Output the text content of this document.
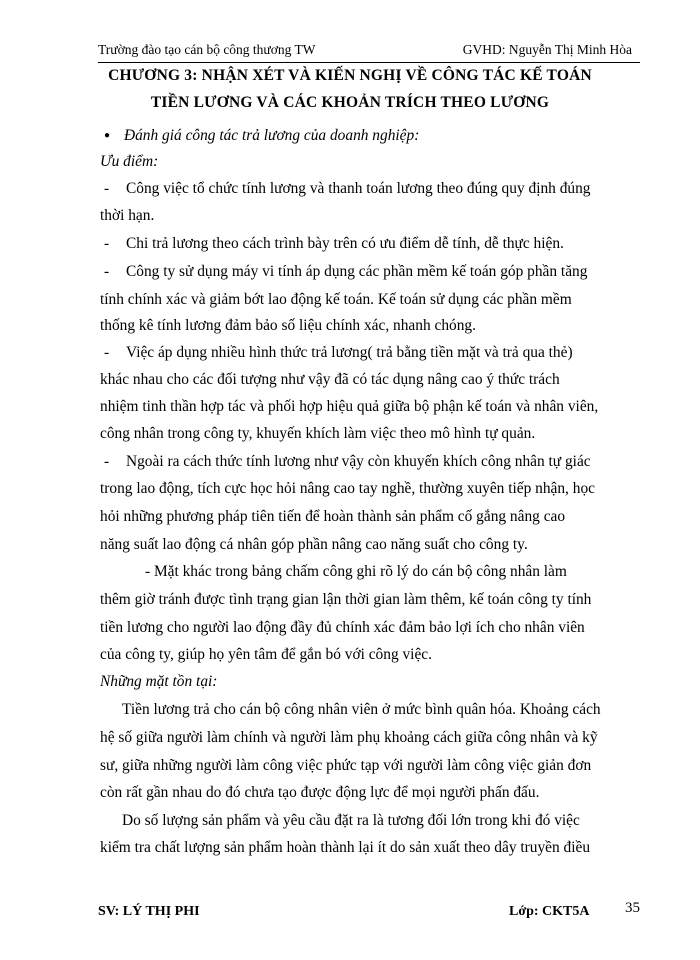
Trường đào tạo cán bộ công thương TW	GVHD: Nguyễn Thị Minh Hòa
CHƯƠNG 3: NHẬN XÉT VÀ KIẾN NGHỊ VỀ CÔNG TÁC KẾ TOÁN
TIỀN LƯƠNG VÀ CÁC KHOẢN TRÍCH THEO LƯƠNG
● Đánh giá công tác trả lương của doanh nghiệp:
Ưu điểm:
- Công việc tổ chức tính lương và thanh toán lương theo đúng quy định đúng
thời hạn.
- Chi trả lương theo cách trình bày trên có ưu điểm dễ tính, dễ thực hiện.
- Công ty sử dụng máy vi tính áp dụng các phần mềm kế toán góp phần tăng
tính chính xác và giảm bớt lao động kế toán. Kế toán sử dụng các phần mềm
thống kê tính lương đảm bảo số liệu chính xác, nhanh chóng.
- Việc áp dụng nhiều hình thức trả lương( trả bằng tiền mặt và trả qua thẻ)
khác nhau cho các đối tượng như vậy đã có tác dụng nâng cao ý thức trách
nhiệm tinh thần hợp tác và phối hợp hiệu quả giữa bộ phận kế toán và nhân viên,
công nhân trong công ty, khuyến khích làm việc theo mô hình tự quản.
- Ngoài ra cách thức tính lương như vậy còn khuyến khích công nhân tự giác
trong lao động, tích cực học hỏi nâng cao tay nghề, thường xuyên tiếp nhận, học
hỏi những phương pháp tiên tiến để hoàn thành sản phẩm cố gắng nâng cao
năng suất lao động cá nhân góp phần nâng cao năng suất cho công ty.
- Mặt khác trong bảng chấm công ghi rõ lý do cán bộ công nhân làm
thêm giờ tránh được tình trạng gian lận thời gian làm thêm, kế toán công ty tính
tiền lương cho người lao động đầy đủ chính xác đảm bảo lợi ích cho nhân viên
của công ty, giúp họ yên tâm để gắn bó với công việc.
Những mặt tồn tại:
Tiền lương trả cho cán bộ công nhân viên ở mức bình quân hóa. Khoảng cách
hệ số giữa người làm chính và người làm phụ khoảng cách giữa công nhân và kỹ
sư, giữa những người làm công việc phức tạp với người làm công việc giản đơn
còn rất gần nhau do đó chưa tạo được động lực để mọi người phấn đấu.
Do số lượng sản phẩm và yêu cầu đặt ra là tương đối lớn trong khi đó việc
kiểm tra chất lượng sản phẩm hoàn thành lại ít do sản xuất theo dây truyền điều
SV: LÝ THỊ PHI	Lớp: CKT5A 35
